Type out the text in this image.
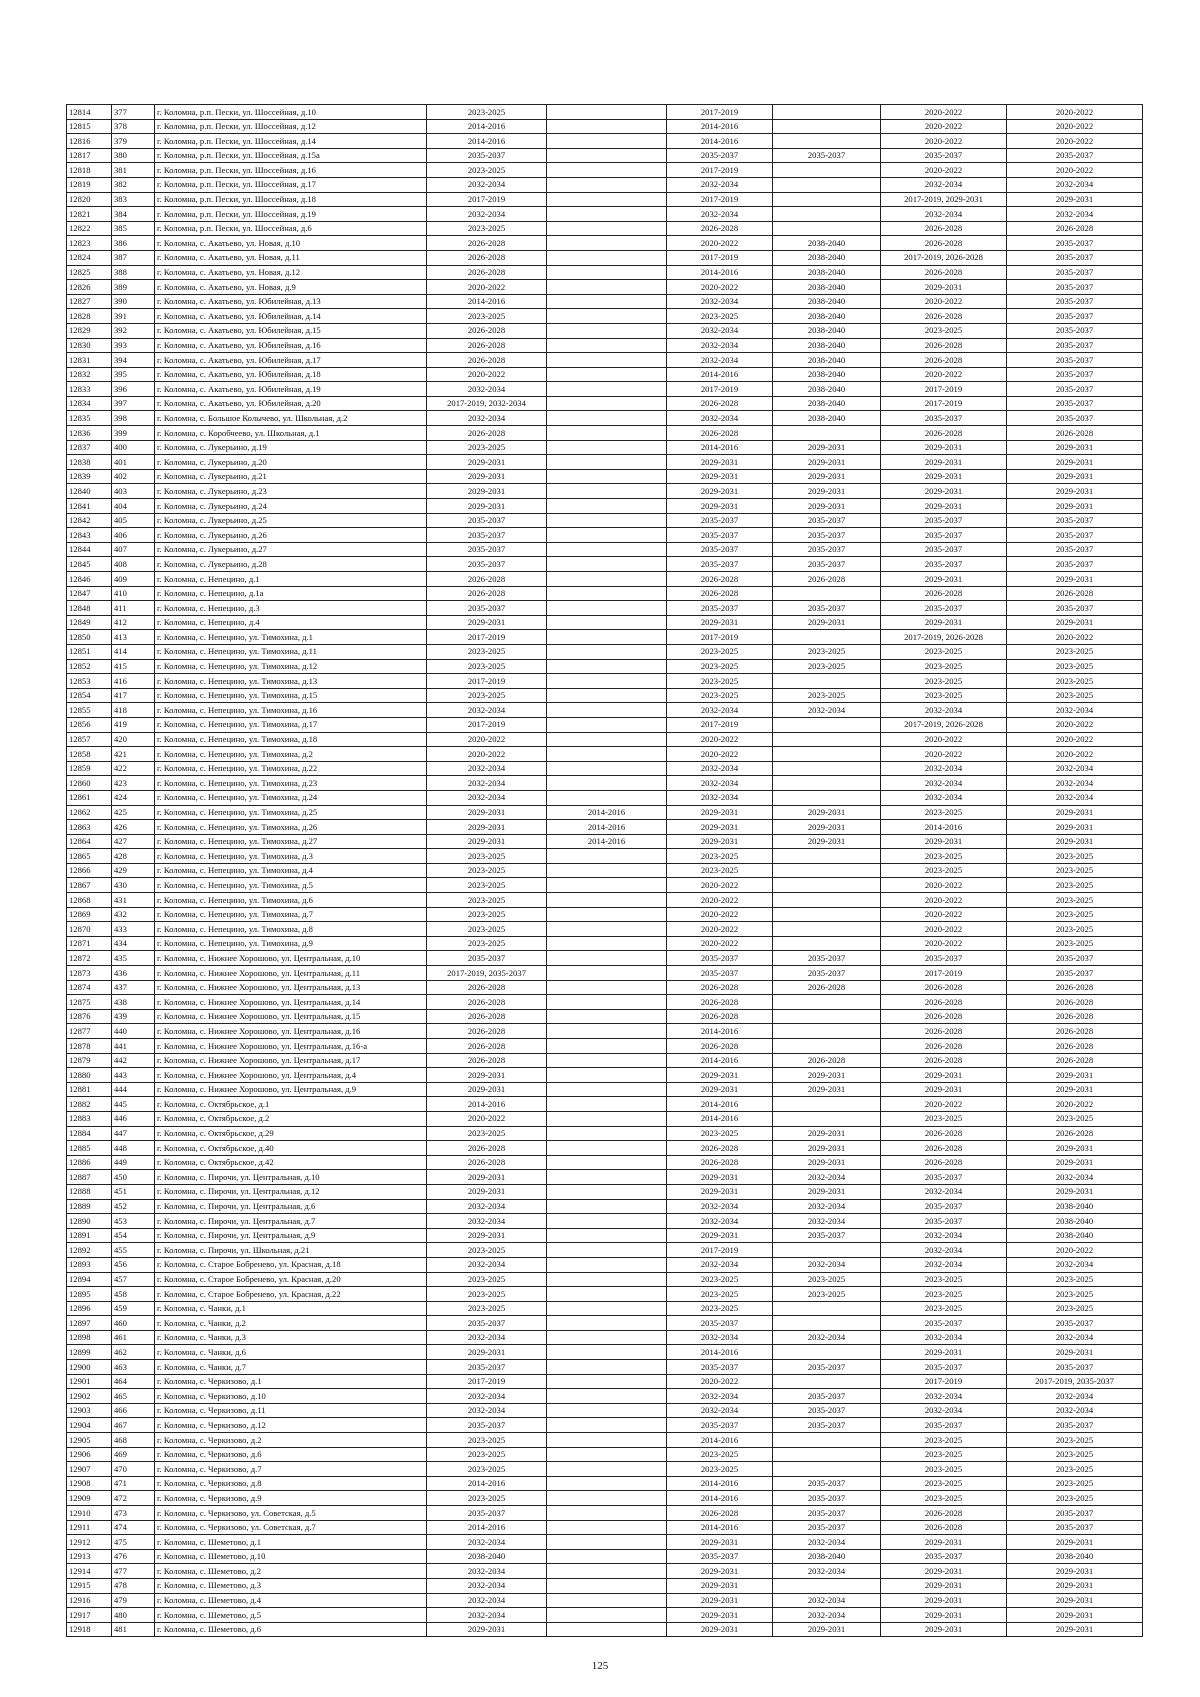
12814	377	г. Коломна, р.п. Пески, ул. Шоссейная, д.10	2023-2025		2017-2019		2020-2022	2020-2022
12815	378	г. Коломна, р.п. Пески, ул. Шоссейная, д.12	2014-2016		2014-2016		2020-2022	2020-2022
12816	379	г. Коломна, р.п. Пески, ул. Шоссейная, д.14	2014-2016		2014-2016		2020-2022	2020-2022
12817	380	г. Коломна, р.п. Пески, ул. Шоссейная, д.15а	2035-2037		2035-2037	2035-2037	2035-2037	2035-2037
12818	381	г. Коломна, р.п. Пески, ул. Шоссейная, д.16	2023-2025		2017-2019		2020-2022	2020-2022
12819	382	г. Коломна, р.п. Пески, ул. Шоссейная, д.17	2032-2034		2032-2034		2032-2034	2032-2034
12820	383	г. Коломна, р.п. Пески, ул. Шоссейная, д.18	2017-2019		2017-2019		2017-2019, 2029-2031	2029-2031
12821	384	г. Коломна, р.п. Пески, ул. Шоссейная, д.19	2032-2034		2032-2034		2032-2034	2032-2034
12822	385	г. Коломна, р.п. Пески, ул. Шоссейная, д.6	2023-2025		2026-2028		2026-2028	2026-2028
12823	386	г. Коломна, с. Акатьево, ул. Новая, д.10	2026-2028		2020-2022	2038-2040	2026-2028	2035-2037
12824	387	г. Коломна, с. Акатьево, ул. Новая, д.11	2026-2028		2017-2019	2038-2040	2017-2019, 2026-2028	2035-2037
12825	388	г. Коломна, с. Акатьево, ул. Новая, д.12	2026-2028		2014-2016	2038-2040	2026-2028	2035-2037
12826	389	г. Коломна, с. Акатьево, ул. Новая, д.9	2020-2022		2020-2022	2038-2040	2029-2031	2035-2037
12827	390	г. Коломна, с. Акатьево, ул. Юбилейная, д.13	2014-2016		2032-2034	2038-2040	2020-2022	2035-2037
12828	391	г. Коломна, с. Акатьево, ул. Юбилейная, д.14	2023-2025		2023-2025	2038-2040	2026-2028	2035-2037
12829	392	г. Коломна, с. Акатьево, ул. Юбилейная, д.15	2026-2028		2032-2034	2038-2040	2023-2025	2035-2037
12830	393	г. Коломна, с. Акатьево, ул. Юбилейная, д.16	2026-2028		2032-2034	2038-2040	2026-2028	2035-2037
12831	394	г. Коломна, с. Акатьево, ул. Юбилейная, д.17	2026-2028		2032-2034	2038-2040	2026-2028	2035-2037
12832	395	г. Коломна, с. Акатьево, ул. Юбилейная, д.18	2020-2022		2014-2016	2038-2040	2020-2022	2035-2037
12833	396	г. Коломна, с. Акатьево, ул. Юбилейная, д.19	2032-2034		2017-2019	2038-2040	2017-2019	2035-2037
12834	397	г. Коломна, с. Акатьево, ул. Юбилейная, д.20	2017-2019, 2032-2034		2026-2028	2038-2040	2017-2019	2035-2037
12835	398	г. Коломна, с. Большое Колычево, ул. Школьная, д.2	2032-2034		2032-2034	2038-2040	2035-2037	2035-2037
12836	399	г. Коломна, с. Коробчеево, ул. Школьная, д.1	2026-2028		2026-2028		2026-2028	2026-2028
12837	400	г. Коломна, с. Лукерьино, д.19	2023-2025		2014-2016	2029-2031	2029-2031	2029-2031
12838	401	г. Коломна, с. Лукерьино, д.20	2029-2031		2029-2031	2029-2031	2029-2031	2029-2031
12839	402	г. Коломна, с. Лукерьино, д.21	2029-2031		2029-2031	2029-2031	2029-2031	2029-2031
12840	403	г. Коломна, с. Лукерьино, д.23	2029-2031		2029-2031	2029-2031	2029-2031	2029-2031
12841	404	г. Коломна, с. Лукерьино, д.24	2029-2031		2029-2031	2029-2031	2029-2031	2029-2031
12842	405	г. Коломна, с. Лукерьино, д.25	2035-2037		2035-2037	2035-2037	2035-2037	2035-2037
12843	406	г. Коломна, с. Лукерьино, д.26	2035-2037		2035-2037	2035-2037	2035-2037	2035-2037
12844	407	г. Коломна, с. Лукерьино, д.27	2035-2037		2035-2037	2035-2037	2035-2037	2035-2037
12845	408	г. Коломна, с. Лукерьино, д.28	2035-2037		2035-2037	2035-2037	2035-2037	2035-2037
12846	409	г. Коломна, с. Непецино, д.1	2026-2028		2026-2028	2026-2028	2029-2031	2029-2031
12847	410	г. Коломна, с. Непецино, д.1а	2026-2028		2026-2028		2026-2028	2026-2028
12848	411	г. Коломна, с. Непецино, д.3	2035-2037		2035-2037	2035-2037	2035-2037	2035-2037
12849	412	г. Коломна, с. Непецино, д.4	2029-2031		2029-2031	2029-2031	2029-2031	2029-2031
12850	413	г. Коломна, с. Непецино, ул. Тимохина, д.1	2017-2019		2017-2019		2017-2019, 2026-2028	2020-2022
12851	414	г. Коломна, с. Непецино, ул. Тимохина, д.11	2023-2025		2023-2025	2023-2025	2023-2025	2023-2025
12852	415	г. Коломна, с. Непецино, ул. Тимохина, д.12	2023-2025		2023-2025	2023-2025	2023-2025	2023-2025
12853	416	г. Коломна, с. Непецино, ул. Тимохина, д.13	2017-2019		2023-2025		2023-2025	2023-2025
12854	417	г. Коломна, с. Непецино, ул. Тимохина, д.15	2023-2025		2023-2025	2023-2025	2023-2025	2023-2025
12855	418	г. Коломна, с. Непецино, ул. Тимохина, д.16	2032-2034		2032-2034	2032-2034	2032-2034	2032-2034
12856	419	г. Коломна, с. Непецино, ул. Тимохина, д.17	2017-2019		2017-2019		2017-2019, 2026-2028	2020-2022
12857	420	г. Коломна, с. Непецино, ул. Тимохина, д.18	2020-2022		2020-2022		2020-2022	2020-2022
12858	421	г. Коломна, с. Непецино, ул. Тимохина, д.2	2020-2022		2020-2022		2020-2022	2020-2022
12859	422	г. Коломна, с. Непецино, ул. Тимохина, д.22	2032-2034		2032-2034		2032-2034	2032-2034
12860	423	г. Коломна, с. Непецино, ул. Тимохина, д.23	2032-2034		2032-2034		2032-2034	2032-2034
12861	424	г. Коломна, с. Непецино, ул. Тимохина, д.24	2032-2034		2032-2034		2032-2034	2032-2034
12862	425	г. Коломна, с. Непецино, ул. Тимохина, д.25	2029-2031	2014-2016	2029-2031	2029-2031	2023-2025	2029-2031
12863	426	г. Коломна, с. Непецино, ул. Тимохина, д.26	2029-2031	2014-2016	2029-2031	2029-2031	2014-2016	2029-2031
12864	427	г. Коломна, с. Непецино, ул. Тимохина, д.27	2029-2031	2014-2016	2029-2031	2029-2031	2029-2031	2029-2031
12865	428	г. Коломна, с. Непецино, ул. Тимохина, д.3	2023-2025		2023-2025		2023-2025	2023-2025
12866	429	г. Коломна, с. Непецино, ул. Тимохина, д.4	2023-2025		2023-2025		2023-2025	2023-2025
12867	430	г. Коломна, с. Непецино, ул. Тимохина, д.5	2023-2025		2020-2022		2020-2022	2023-2025
12868	431	г. Коломна, с. Непецино, ул. Тимохина, д.6	2023-2025		2020-2022		2020-2022	2023-2025
12869	432	г. Коломна, с. Непецино, ул. Тимохина, д.7	2023-2025		2020-2022		2020-2022	2023-2025
12870	433	г. Коломна, с. Непецино, ул. Тимохина, д.8	2023-2025		2020-2022		2020-2022	2023-2025
12871	434	г. Коломна, с. Непецино, ул. Тимохина, д.9	2023-2025		2020-2022		2020-2022	2023-2025
12872	435	г. Коломна, с. Нижнее Хорошово, ул. Центральная, д.10	2035-2037		2035-2037	2035-2037	2035-2037	2035-2037
12873	436	г. Коломна, с. Нижнее Хорошово, ул. Центральная, д.11	2017-2019, 2035-2037		2035-2037	2035-2037	2017-2019	2035-2037
12874	437	г. Коломна, с. Нижнее Хорошово, ул. Центральная, д.13	2026-2028		2026-2028	2026-2028	2026-2028	2026-2028
12875	438	г. Коломна, с. Нижнее Хорошово, ул. Центральная, д.14	2026-2028		2026-2028		2026-2028	2026-2028
12876	439	г. Коломна, с. Нижнее Хорошово, ул. Центральная, д.15	2026-2028		2026-2028		2026-2028	2026-2028
12877	440	г. Коломна, с. Нижнее Хорошово, ул. Центральная, д.16	2026-2028		2014-2016		2026-2028	2026-2028
12878	441	г. Коломна, с. Нижнее Хорошово, ул. Центральная, д.16-а	2026-2028		2026-2028		2026-2028	2026-2028
12879	442	г. Коломна, с. Нижнее Хорошово, ул. Центральная, д.17	2026-2028		2014-2016	2026-2028	2026-2028	2026-2028
12880	443	г. Коломна, с. Нижнее Хорошово, ул. Центральная, д.4	2029-2031		2029-2031	2029-2031	2029-2031	2029-2031
12881	444	г. Коломна, с. Нижнее Хорошово, ул. Центральная, д.9	2029-2031		2029-2031	2029-2031	2029-2031	2029-2031
12882	445	г. Коломна, с. Октябрьское, д.1	2014-2016		2014-2016		2020-2022	2020-2022
12883	446	г. Коломна, с. Октябрьское, д.2	2020-2022		2014-2016		2023-2025	2023-2025
12884	447	г. Коломна, с. Октябрьское, д.29	2023-2025		2023-2025	2029-2031	2026-2028	2026-2028
12885	448	г. Коломна, с. Октябрьское, д.40	2026-2028		2026-2028	2029-2031	2026-2028	2029-2031
12886	449	г. Коломна, с. Октябрьское, д.42	2026-2028		2026-2028	2029-2031	2026-2028	2029-2031
12887	450	г. Коломна, с. Пирочи, ул. Центральная, д.10	2029-2031		2029-2031	2032-2034	2035-2037	2032-2034
12888	451	г. Коломна, с. Пирочи, ул. Центральная, д.12	2029-2031		2029-2031	2029-2031	2032-2034	2029-2031
12889	452	г. Коломна, с. Пирочи, ул. Центральная, д.6	2032-2034		2032-2034	2032-2034	2035-2037	2038-2040
12890	453	г. Коломна, с. Пирочи, ул. Центральная, д.7	2032-2034		2032-2034	2032-2034	2035-2037	2038-2040
12891	454	г. Коломна, с. Пирочи, ул. Центральная, д.9	2029-2031		2029-2031	2035-2037	2032-2034	2038-2040
12892	455	г. Коломна, с. Пирочи, ул. Школьная, д.21	2023-2025		2017-2019		2032-2034	2020-2022
12893	456	г. Коломна, с. Старое Бобренево, ул. Красная, д.18	2032-2034		2032-2034	2032-2034	2032-2034	2032-2034
12894	457	г. Коломна, с. Старое Бобренево, ул. Красная, д.20	2023-2025		2023-2025	2023-2025	2023-2025	2023-2025
12895	458	г. Коломна, с. Старое Бобренево, ул. Красная, д.22	2023-2025		2023-2025	2023-2025	2023-2025	2023-2025
12896	459	г. Коломна, с. Чанки, д.1	2023-2025		2023-2025		2023-2025	2023-2025
12897	460	г. Коломна, с. Чанки, д.2	2035-2037		2035-2037		2035-2037	2035-2037
12898	461	г. Коломна, с. Чанки, д.3	2032-2034		2032-2034	2032-2034	2032-2034	2032-2034
12899	462	г. Коломна, с. Чанки, д.6	2029-2031		2014-2016		2029-2031	2029-2031
12900	463	г. Коломна, с. Чанки, д.7	2035-2037		2035-2037	2035-2037	2035-2037	2035-2037
12901	464	г. Коломна, с. Черкизово, д.1	2017-2019		2020-2022		2017-2019	2017-2019, 2035-2037
12902	465	г. Коломна, с. Черкизово, д.10	2032-2034		2032-2034	2035-2037	2032-2034	2032-2034
12903	466	г. Коломна, с. Черкизово, д.11	2032-2034		2032-2034	2035-2037	2032-2034	2032-2034
12904	467	г. Коломна, с. Черкизово, д.12	2035-2037		2035-2037	2035-2037	2035-2037	2035-2037
12905	468	г. Коломна, с. Черкизово, д.2	2023-2025		2014-2016		2023-2025	2023-2025
12906	469	г. Коломна, с. Черкизово, д.6	2023-2025		2023-2025		2023-2025	2023-2025
12907	470	г. Коломна, с. Черкизово, д.7	2023-2025		2023-2025		2023-2025	2023-2025
12908	471	г. Коломна, с. Черкизово, д.8	2014-2016		2014-2016	2035-2037	2023-2025	2023-2025
12909	472	г. Коломна, с. Черкизово, д.9	2023-2025		2014-2016	2035-2037	2023-2025	2023-2025
12910	473	г. Коломна, с. Черкизово, ул. Советская, д.5	2035-2037		2026-2028	2035-2037	2026-2028	2035-2037
12911	474	г. Коломна, с. Черкизово, ул. Советская, д.7	2014-2016		2014-2016	2035-2037	2026-2028	2035-2037
12912	475	г. Коломна, с. Шеметово, д.1	2032-2034		2029-2031	2032-2034	2029-2031	2029-2031
12913	476	г. Коломна, с. Шеметово, д.10	2038-2040		2035-2037	2038-2040	2035-2037	2038-2040
12914	477	г. Коломна, с. Шеметово, д.2	2032-2034		2029-2031	2032-2034	2029-2031	2029-2031
12915	478	г. Коломна, с. Шеметово, д.3	2032-2034		2029-2031		2029-2031	2029-2031
12916	479	г. Коломна, с. Шеметово, д.4	2032-2034		2029-2031	2032-2034	2029-2031	2029-2031
12917	480	г. Коломна, с. Шеметово, д.5	2032-2034		2029-2031	2032-2034	2029-2031	2029-2031
12918	481	г. Коломна, с. Шеметово, д.6	2029-2031		2029-2031	2029-2031	2029-2031	2029-2031
125
